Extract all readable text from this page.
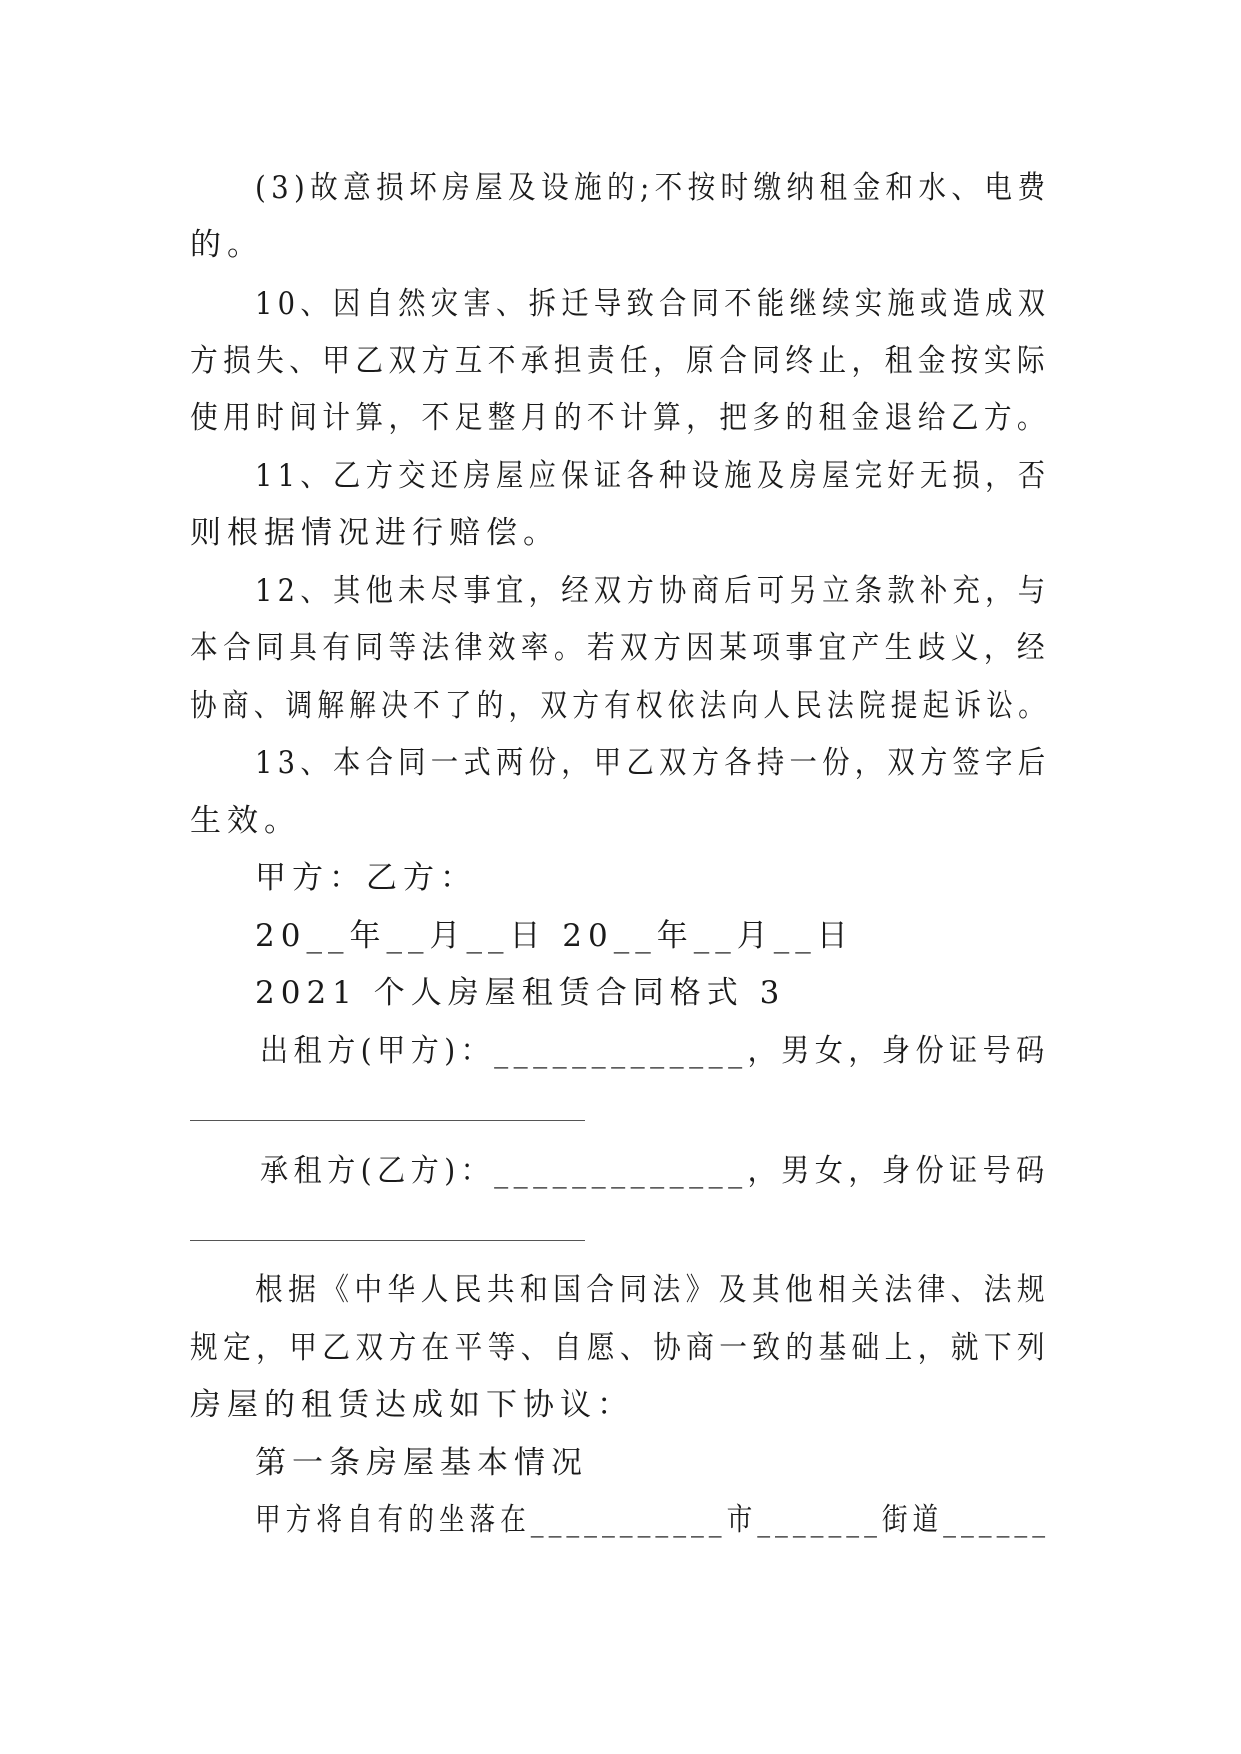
(3)故意损坏房屋及设施的;不按时缴纳租金和水、电费
的。
10、因自然灾害、拆迁导致合同不能继续实施或造成双
方损失、甲乙双方互不承担责任，原合同终止，租金按实际
使用时间计算，不足整月的不计算，把多的租金退给乙方。
11、乙方交还房屋应保证各种设施及房屋完好无损，否
则根据情况进行赔偿。
12、其他未尽事宜，经双方协商后可另立条款补充，与
本合同具有同等法律效率。若双方因某项事宜产生歧义，经
协商、调解解决不了的，双方有权依法向人民法院提起诉讼。
13、本合同一式两份，甲乙双方各持一份，双方签字后
生效。
甲方：乙方：
20__年__月__日 20__年__月__日
2021 个人房屋租赁合同格式 3
出租方(甲方)：_____________，男女，身份证号码
承租方(乙方)：_____________，男女，身份证号码
根据《中华人民共和国合同法》及其他相关法律、法规
规定，甲乙双方在平等、自愿、协商一致的基础上，就下列
房屋的租赁达成如下协议：
第一条房屋基本情况
甲方将自有的坐落在___________市_______街道______
